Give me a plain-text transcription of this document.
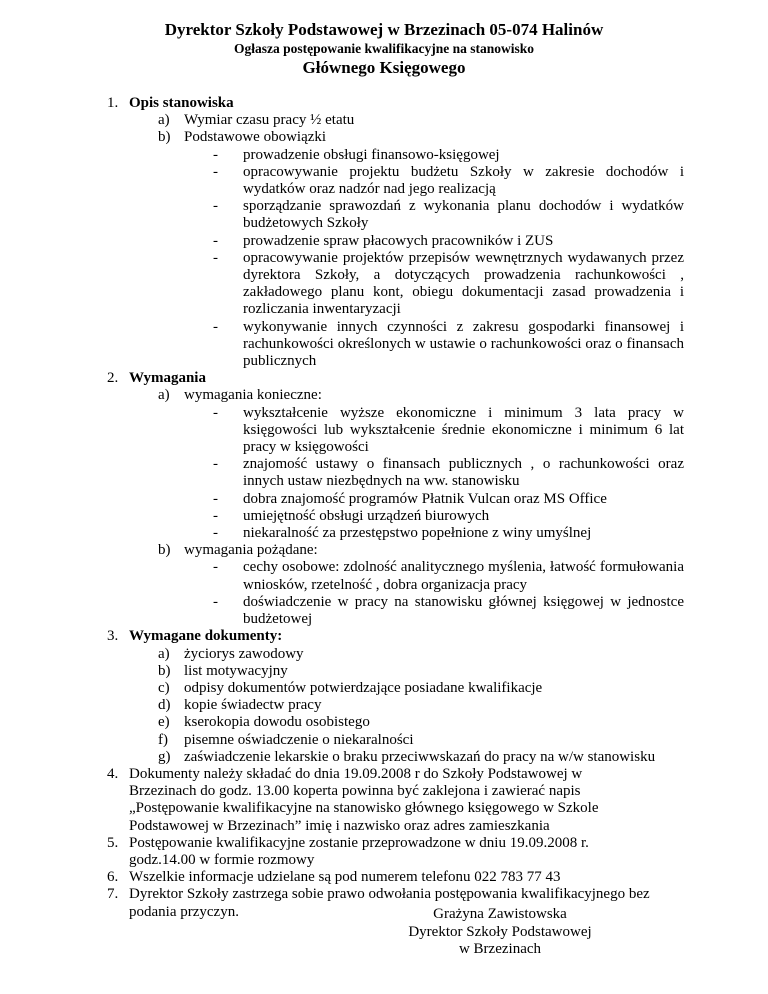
Dyrektor Szkoły Podstawowej w Brzezinach 05-074 Halinów
Ogłasza postępowanie kwalifikacyjne na stanowisko
Głównego Księgowego
1. Opis stanowiska
a) Wymiar czasu pracy ½ etatu
b) Podstawowe obowiązki
- prowadzenie obsługi finansowo-księgowej
- opracowywanie projektu budżetu Szkoły w zakresie dochodów i wydatków oraz nadzór nad jego realizacją
- sporządzanie sprawozdań z wykonania planu dochodów i wydatków budżetowych Szkoły
- prowadzenie spraw płacowych pracowników i ZUS
- opracowywanie projektów przepisów wewnętrznych wydawanych przez dyrektora Szkoły, a dotyczących prowadzenia rachunkowości , zakładowego planu kont, obiegu dokumentacji zasad prowadzenia i rozliczania inwentaryzacji
- wykonywanie innych czynności z zakresu gospodarki finansowej i rachunkowości określonych w ustawie o rachunkowości oraz o finansach publicznych
2. Wymagania
a) wymagania konieczne:
- wykształcenie wyższe ekonomiczne i minimum 3 lata pracy w księgowości lub wykształcenie średnie ekonomiczne i minimum 6 lat pracy w księgowości
- znajomość ustawy o finansach publicznych , o rachunkowości oraz innych ustaw niezbędnych na ww. stanowisku
- dobra znajomość programów Płatnik Vulcan oraz MS Office
- umiejętność obsługi urządzeń biurowych
- niekaralność za przestępstwo popełnione z winy umyślnej
b) wymagania pożądane:
- cechy osobowe: zdolność analitycznego myślenia, łatwość formułowania wniosków, rzetelność , dobra organizacja pracy
- doświadczenie w pracy na stanowisku głównej księgowej w jednostce budżetowej
3. Wymagane dokumenty:
a) życiorys zawodowy
b) list motywacyjny
c) odpisy dokumentów potwierdzające posiadane kwalifikacje
d) kopie świadectw pracy
e) kserokopia dowodu osobistego
f) pisemne oświadczenie o niekaralności
g) zaświadczenie lekarskie o braku przeciwwskazań do pracy na w/w stanowisku
4. Dokumenty należy składać do dnia 19.09.2008 r do Szkoły Podstawowej w
Brzezinach do godz. 13.00 koperta powinna być zaklejona i zawierać napis
„Postępowanie kwalifikacyjne na stanowisko głównego księgowego w Szkole
Podstawowej w Brzezinach” imię i nazwisko oraz adres zamieszkania
5. Postępowanie kwalifikacyjne zostanie przeprowadzone w dniu 19.09.2008 r.
godz.14.00 w formie rozmowy
6. Wszelkie informacje udzielane są pod numerem telefonu 022 783 77 43
7. Dyrektor Szkoły zastrzega sobie prawo odwołania postępowania kwalifikacyjnego bez
podania przyczyn.	Grażyna Zawistowska
Dyrektor Szkoły Podstawowej
w Brzezinach
